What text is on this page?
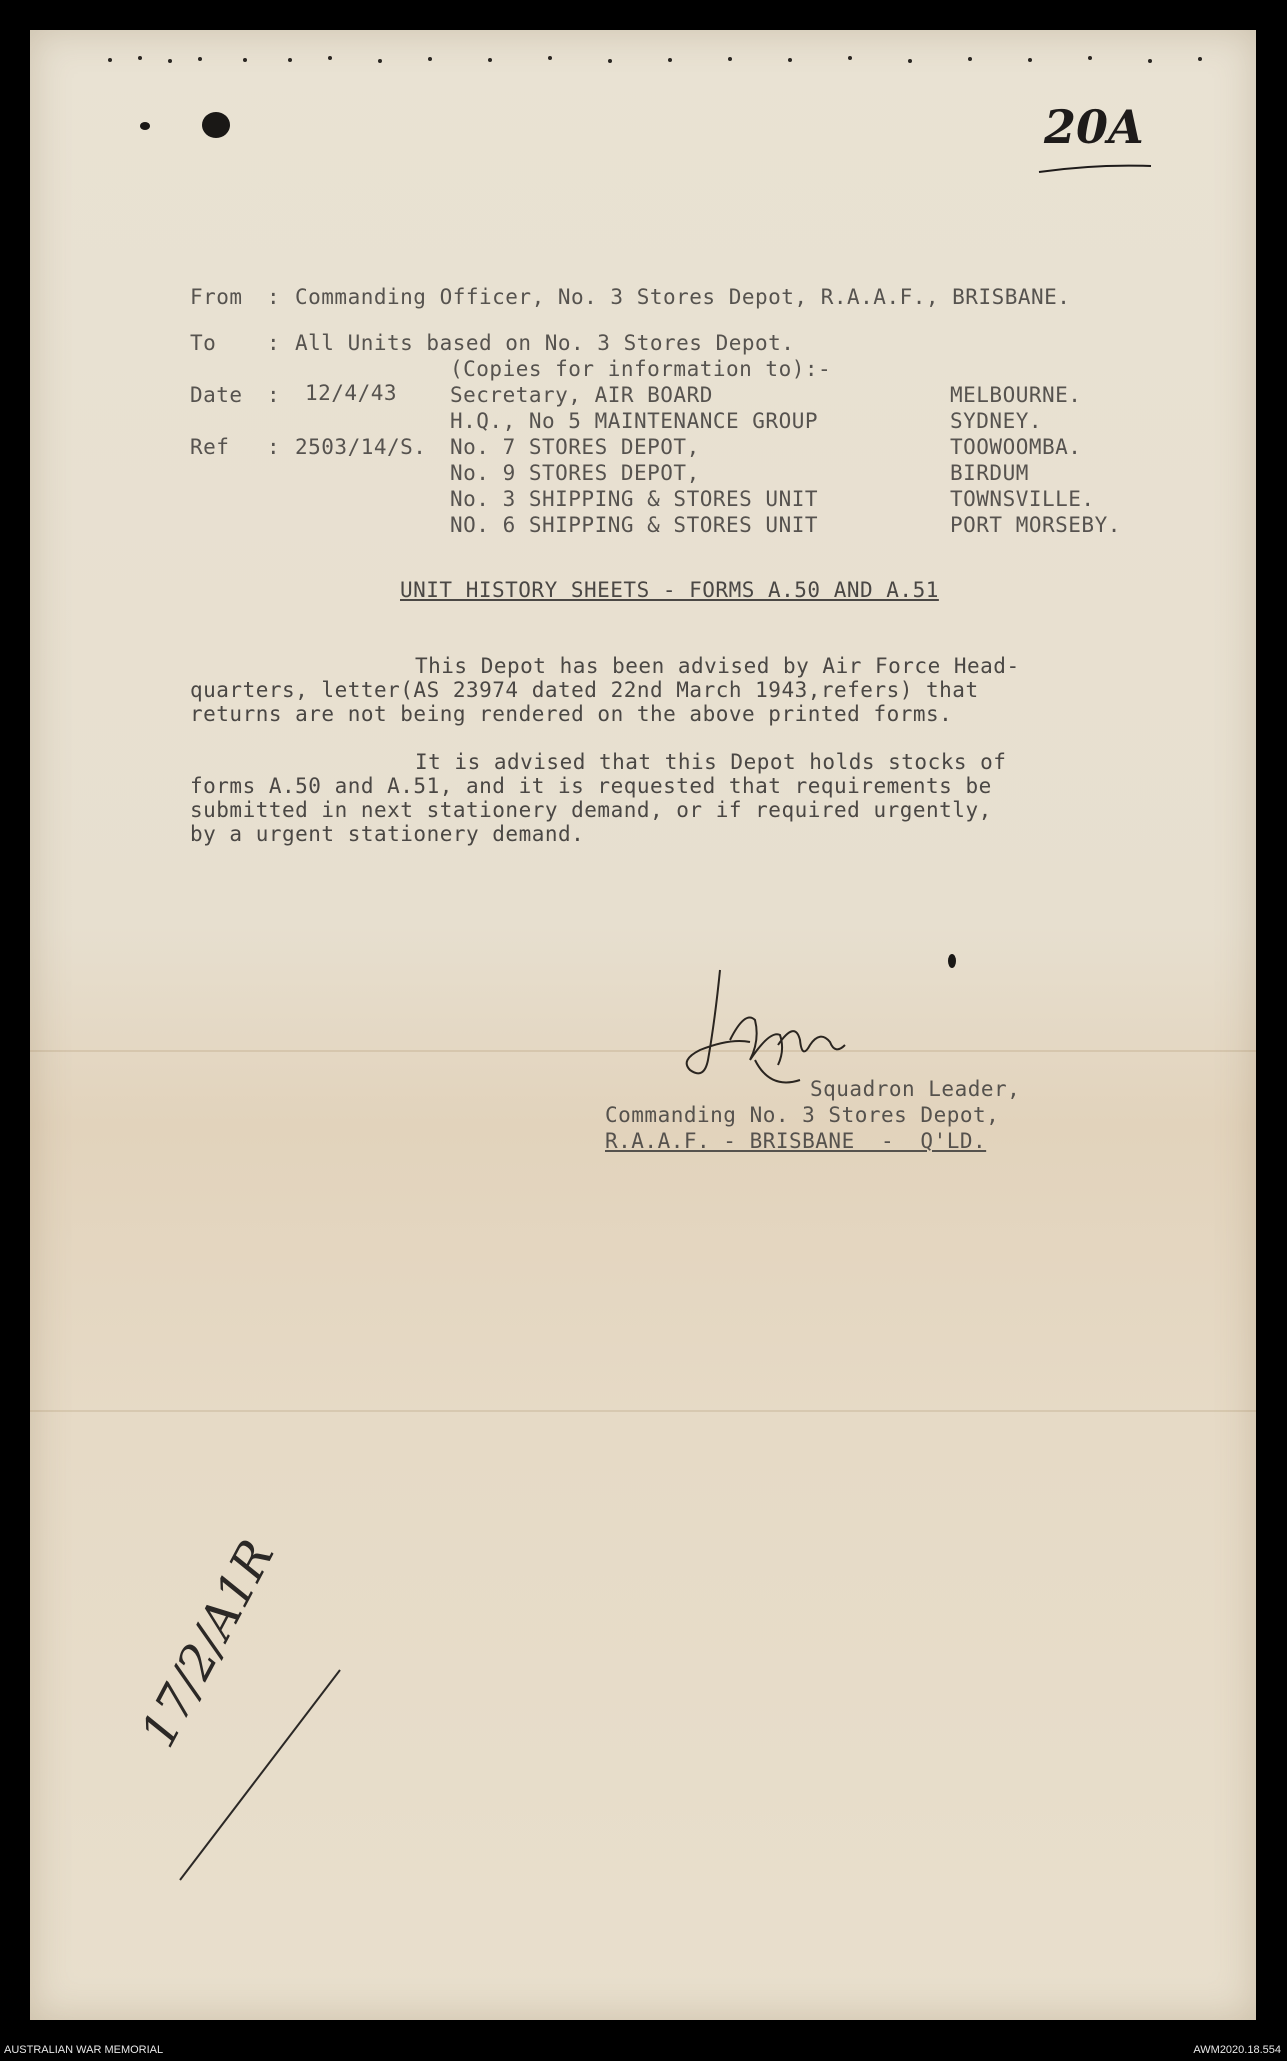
20A
From : Commanding Officer, No. 3 Stores Depot, R.A.A.F., BRISBANE.
To : All Units based on No. 3 Stores Depot.
(Copies for information to):-
Date : 12/4/43
Ref : 2503/14/S.
Secretary, AIR BOARD	MELBOURNE.
H.Q., No 5 MAINTENANCE GROUP	SYDNEY.
No. 7 STORES DEPOT,	TOOWOOMBA.
No. 9 STORES DEPOT,	BIRDUM
No. 3 SHIPPING & STORES UNIT	TOWNSVILLE.
NO. 6 SHIPPING & STORES UNIT	PORT MORSEBY.
UNIT HISTORY SHEETS - FORMS A.50 AND A.51
This Depot has been advised by Air Force Head-
quarters, letter(AS 23974 dated 22nd March 1943,refers) that
returns are not being rendered on the above printed forms.
It is advised that this Depot holds stocks of
forms A.50 and A.51, and it is requested that requirements be
submitted in next stationery demand, or if required urgently,
by a urgent stationery demand.
Squadron Leader,
Commanding No. 3 Stores Depot,
R.A.A.F. - BRISBANE  -  Q'LD.
17/2/A1R
AUSTRALIAN WAR MEMORIAL	AWM2020.18.554
